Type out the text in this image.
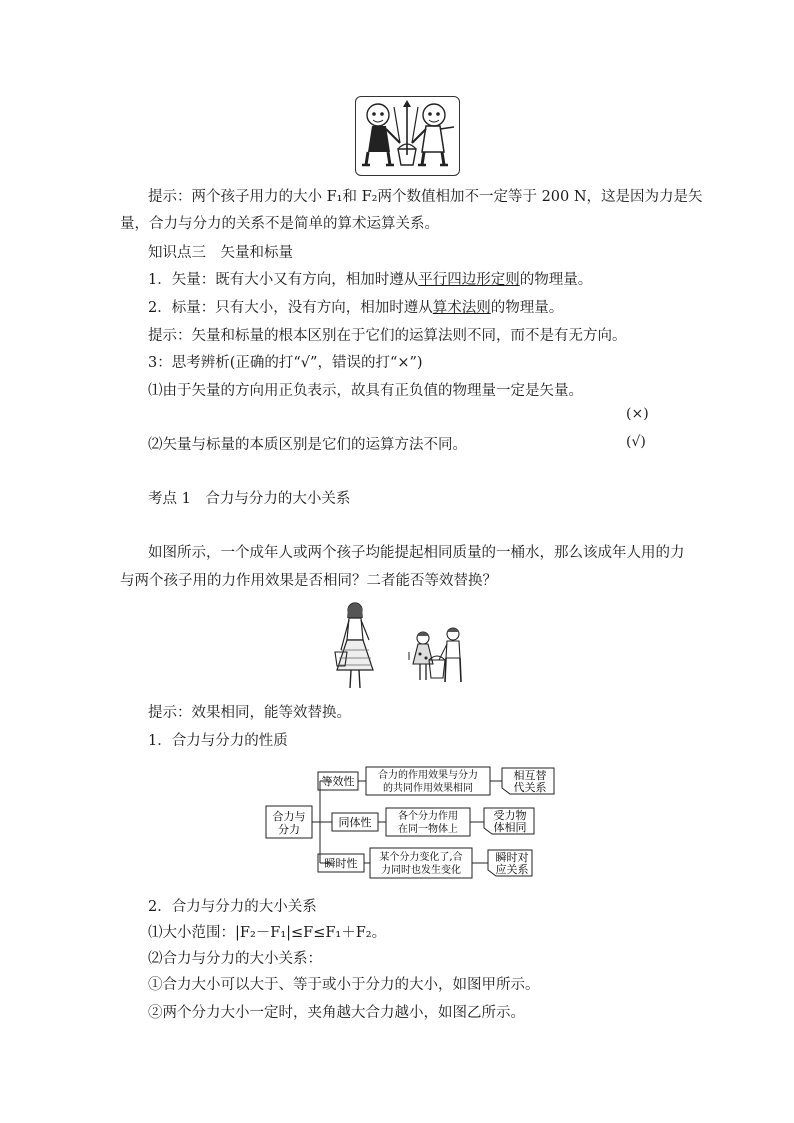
提示：两个孩子用力的大小 F₁和 F₂两个数值相加不一定等于 200 N，这是因为力是矢
量，合力与分力的关系不是简单的算术运算关系。
知识点三　矢量和标量
1．矢量：既有大小又有方向，相加时遵从平行四边形定则的物理量。
2．标量：只有大小，没有方向，相加时遵从算术法则的物理量。
提示：矢量和标量的根本区别在于它们的运算法则不同，而不是有无方向。
3：思考辨析(正确的打“√”，错误的打“×”)
⑴由于矢量的方向用正负表示，故具有正负值的物理量一定是矢量。
(×)
⑵矢量与标量的本质区别是它们的运算方法不同。	(√)
考点 1　合力与分力的大小关系
如图所示，一个成年人或两个孩子均能提起相同质量的一桶水，那么该成年人用的力
与两个孩子用的力作用效果是否相同？二者能否等效替换？
提示：效果相同，能等效替换。
1．合力与分力的性质
合力与
分力
等效性 合力的作用效果与分力
的共同作用效果相同
相互替
代关系
同体性	各个分力作用
在同一物体上
受力物
体相同
瞬时性 某个分力变化了,合
力同时也发生变化
瞬时对
应关系
2．合力与分力的大小关系
⑴大小范围：|F₂－F₁|≤F≤F₁＋F₂。
⑵合力与分力的大小关系：
①合力大小可以大于、等于或小于分力的大小，如图甲所示。
②两个分力大小一定时，夹角越大合力越小，如图乙所示。
